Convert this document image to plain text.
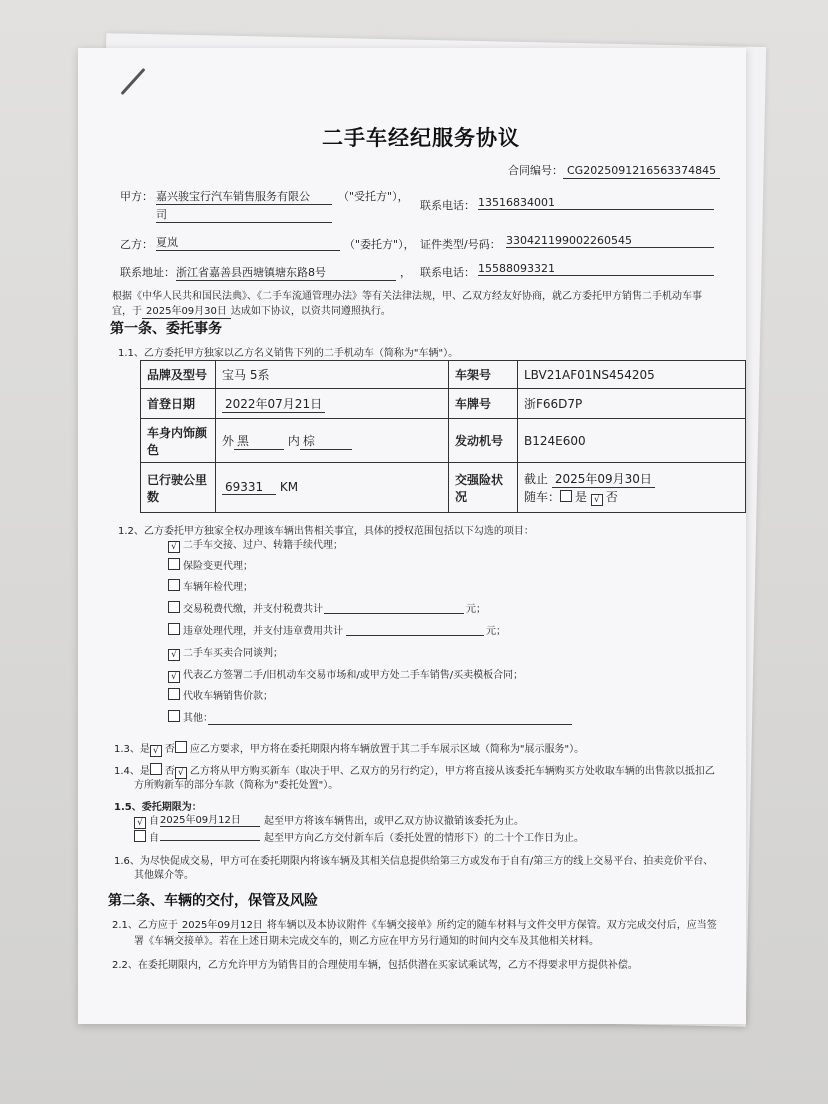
二手车经纪服务协议
合同编号： CG2025091216563374845
甲方： 嘉兴骏宝行汽车销售服务有限公
司
（"受托方"），
联系电话： 13516834001
乙方： 夏岚	（"委托方"）， 证件类型/号码： 330421199002260545
联系地址： 浙江省嘉善县西塘镇塘东路8号	， 联系电话： 15588093321
根据《中华人民共和国民法典》、《二手车流通管理办法》等有关法律法规，甲、乙双方经友好协商，就乙方委托甲方销售二手机动车事
宜，于 2025年09月30日 达成如下协议，以资共同遵照执行。
第一条、委托事务
1.1、乙方委托甲方独家以乙方名义销售下列的二手机动车（简称为"车辆"）。
品牌及型号	宝马 5系	车架号	LBV21AF01NS454205
首登日期	2022年07月21日	车牌号	浙F66D7P
车身内饰颜
色	外 黑 内 棕	发动机号	B124E600
已行驶公里
数	69331 KM	交强险状况	截止 2025年09月30日
随车： 是 √ 否
1.2、乙方委托甲方独家全权办理该车辆出售相关事宜，具体的授权范围包括以下勾选的项目：
√ 二手车交接、过户、转籍手续代理；
保险变更代理；
车辆年检代理；
交易税费代缴，并支付税费共计	元；
违章处理代理，并支付违章费用共计	元；
√ 二手车买卖合同谈判；
√ 代表乙方签署二手/旧机动车交易市场和/或甲方处二手车销售/买卖模板合同；
代收车辆销售价款；
其他：
1.3、是 √ 否 应乙方要求，甲方将在委托期限内将车辆放置于其二手车展示区域（简称为"展示服务"）。
1.4、是 否 √ 乙方将从甲方购买新车（取决于甲、乙双方的另行约定），甲方将直接从该委托车辆购买方处收取车辆的出售款以抵扣乙
方所购新车的部分车款（简称为"委托处置"）。
1.5、委托期限为：
√ 自 2025年09月12日	起至甲方将该车辆售出，或甲乙双方协议撤销该委托为止。
自	起至甲方向乙方交付新车后（委托处置的情形下）的二十个工作日为止。
1.6、为尽快促成交易，甲方可在委托期限内将该车辆及其相关信息提供给第三方或发布于自有/第三方的线上交易平台、拍卖竞价平台、
其他媒介等。
第二条、车辆的交付，保管及风险
2.1、乙方应于 2025年09月12日 将车辆以及本协议附件《车辆交接单》所约定的随车材料与文件交甲方保管。双方完成交付后，应当签
署《车辆交接单》。若在上述日期未完成交车的，则乙方应在甲方另行通知的时间内交车及其他相关材料。
2.2、在委托期限内，乙方允许甲方为销售目的合理使用车辆，包括供潜在买家试乘试驾，乙方不得要求甲方提供补偿。
